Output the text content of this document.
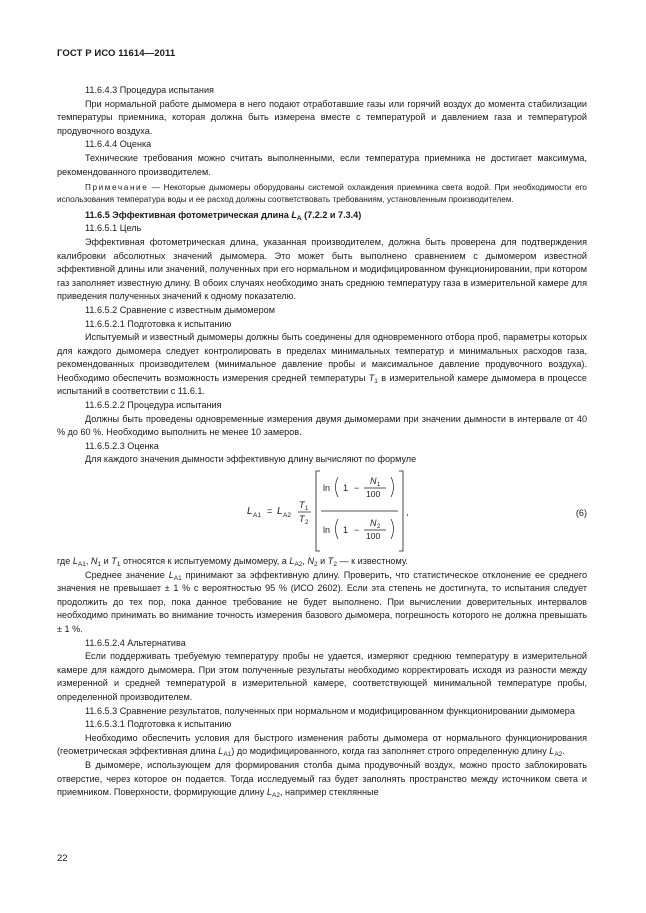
ГОСТ Р ИСО 11614—2011

11.6.4.3 Процедура испытания

При нормальной работе дымомера в него подают отработавшие газы или горячий воздух до момента стабилизации температуры приемника, которая должна быть измерена вместе с температурой и давлением газа и температурой продувочного воздуха.

11.6.4.4 Оценка

Технические требования можно считать выполненными, если температура приемника не достигает максимума, рекомендованного производителем.

Примечание — Некоторые дымомеры оборудованы системой охлаждения приемника света водой. При необходимости его использования температура воды и ее расход должны соответствовать требованиям, установленным производителем.

11.6.5 Эффективная фотометрическая длина $L_A$ (7.2.2 и 7.3.4)

11.6.5.1 Цель

Эффективная фотометрическая длина, указанная производителем, должна быть проверена для подтверждения калибровки абсолютных значений дымомера. Это может быть выполнено сравнением с дымомером известной эффективной длины или значений, полученных при его нормальном и модифицированном функционировании, при котором газ заполняет известную длину. В обоих случаях необходимо знать среднюю температуру газа в измерительной камере для приведения полученных значений к одному показателю.

11.6.5.2 Сравнение с известным дымомером

11.6.5.2.1 Подготовка к испытанию

Испытуемый и известный дымомеры должны быть соединены для одновременного отбора проб, параметры которых для каждого дымомера следует контролировать в пределах минимальных температур и минимальных расходов газа, рекомендованных производителем (минимальное давление пробы и максимальное давление продувочного воздуха). Необходимо обеспечить возможность измерения средней температуры $T_1$ в измерительной камере дымомера в процессе испытаний в соответствии с 11.6.1.

11.6.5.2.2 Процедура испытания

Должны быть проведены одновременные измерения двумя дымомерами при значении дымности в интервале от 40 % до 60 %. Необходимо выполнить не менее 10 замеров.

11.6.5.2.3 Оценка

Для каждого значения дымности эффективную длину вычисляют по формуле

L A1 = L A2
T 1
T 2
ln 1 −
N 1
100
ln 1 −
N 2
100
,	(6)

где $L_{A1}$, $N_1$ и $T_1$ относятся к испытуемому дымомеру, а $L_{A2}$, $N_2$ и $T_2$ — к известному.

Среднее значение $L_{A1}$ принимают за эффективную длину. Проверить, что статистическое отклонение ее среднего значения не превышает ± 1 % с вероятностью 95 % (ИСО 2602). Если эта степень не достигнута, то испытания следует продолжить до тех пор, пока данное требование не будет выполнено. При вычислении доверительных интервалов необходимо принимать во внимание точность измерения базового дымомера, погрешность которого не должна превышать ± 1 %.

11.6.5.2.4 Альтернатива

Если поддерживать требуемую температуру пробы не удается, измеряют среднюю температуру в измерительной камере для каждого дымомера. При этом полученные результаты необходимо корректировать исходя из разности между измеренной и средней температурой в измерительной камере, соответствующей минимальной температуре пробы, определенной производителем.

11.6.5.3 Сравнение результатов, полученных при нормальном и модифицированном функционировании дымомера

11.6.5.3.1 Подготовка к испытанию

Необходимо обеспечить условия для быстрого изменения работы дымомера от нормального функционирования (геометрическая эффективная длина $L_{A1}$) до модифицированного, когда газ заполняет строго определенную длину $L_{A2}$.

В дымомере, использующем для формирования столба дыма продувочный воздух, можно просто заблокировать отверстие, через которое он подается. Тогда исследуемый газ будет заполнять пространство между источником света и приемником. Поверхности, формирующие длину $L_{A2}$, например стеклянные

22
